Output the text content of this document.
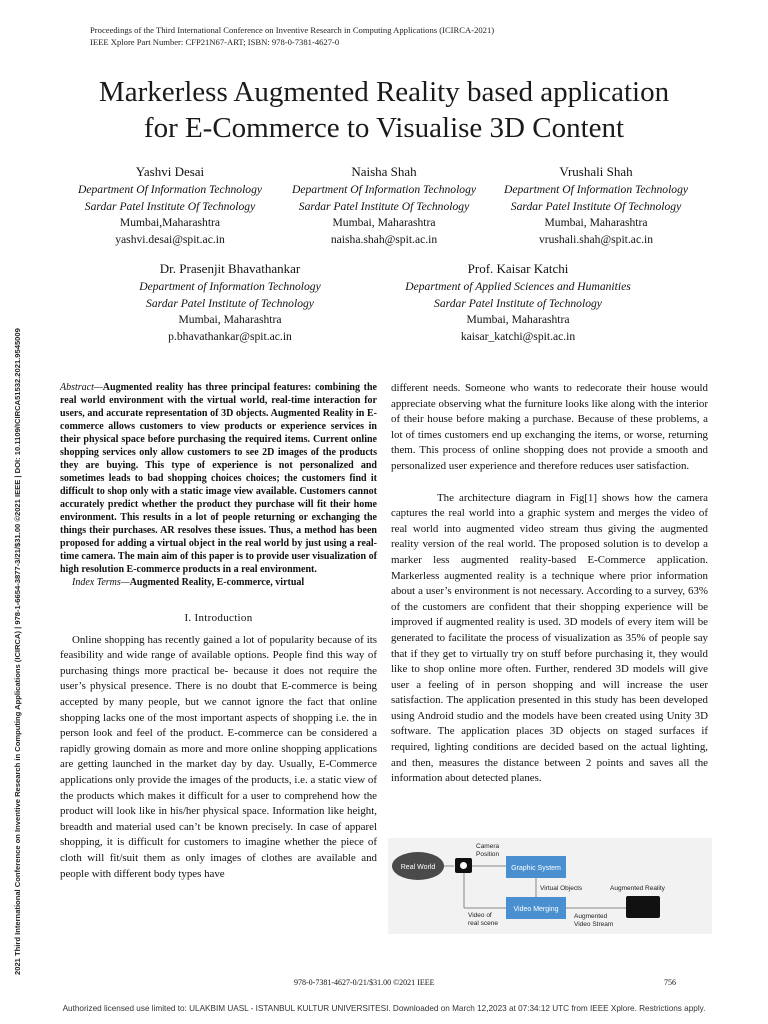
2021 Third International Conference on Inventive Research in Computing Applications (ICIRCA) | 978-1-6654-3877-3/21/$31.00 ©2021 IEEE | DOI: 10.1109/ICIRCA51532.2021.9545009
Proceedings of the Third International Conference on Inventive Research in Computing Applications (ICIRCA-2021)
IEEE Xplore Part Number: CFP21N67-ART; ISBN: 978-0-7381-4627-0
Markerless Augmented Reality based application
for E-Commerce to Visualise 3D Content
Yashvi Desai
Department Of Information Technology
Sardar Patel Institute Of Technology
Mumbai,Maharashtra
yashvi.desai@spit.ac.in
Naisha Shah
Department Of Information Technology
Sardar Patel Institute Of Technology
Mumbai, Maharashtra
naisha.shah@spit.ac.in
Vrushali Shah
Department Of Information Technology
Sardar Patel Institute Of Technology
Mumbai, Maharashtra
vrushali.shah@spit.ac.in
Dr. Prasenjit Bhavathankar
Department of Information Technology
Sardar Patel Institute of Technology
Mumbai, Maharashtra
p.bhavathankar@spit.ac.in
Prof. Kaisar Katchi
Department of Applied Sciences and Humanities
Sardar Patel Institute of Technology
Mumbai, Maharashtra
kaisar_katchi@spit.ac.in

Abstract—Augmented reality has three principal features: combining the real world environment with the virtual world, real-time interaction for users, and accurate representation of 3D objects. Augmented Reality in E-commerce allows customers to view products or experience services in their physical space before purchasing the required items. Current online shopping services only allow customers to see 2D images of the products they are buying. This type of experience is not personalized and sometimes leads to bad shopping choices choices; the customers find it difficult to shop only with a static image view available. Customers cannot accurately predict whether the product they purchase will fit their home environment. This results in a lot of people returning or exchanging the things their purchases. AR resolves these issues. Thus, a method has been proposed for adding a virtual object in the real world by just using a real-time camera. The main aim of this paper is to provide user visualization of high resolution E-commerce products in a real environment.

Index Terms—Augmented Reality, E-commerce, virtual

I. Introduction

Online shopping has recently gained a lot of popularity because of its feasibility and wide range of available options. People find this way of purchasing things more practical be- because it does not require the user’s physical presence. There is no doubt that E-commerce is being accepted by many people, but we cannot ignore the fact that online shopping lacks one of the most important aspects of shopping i.e. the in person look and feel of the product. E-commerce can be considered a rapidly growing domain as more and more online shopping applications are getting launched in the market day by day. Usually, E-Commerce applications only provide the images of the products, i.e. a static view of the products which makes it difficult for a user to comprehend how the product will look like in his/her physical space. Information like height, breadth and material used can’t be known precisely. In case of apparel shopping, it is difficult for customers to imagine whether the piece of cloth will fit/suit them as only images of clothes are available and people with different body types have

different needs. Someone who wants to redecorate their house would appreciate observing what the furniture looks like along with the interior of their house before making a purchase. Because of these problems, a lot of times customers end up exchanging the items, or worse, returning them. This process of online shopping does not provide a smooth and personalized user experience and therefore reduces user satisfaction.

The architecture diagram in Fig[1] shows how the camera captures the real world into a graphic system and merges the video of real world into augmented video stream thus giving the augmented reality version of the real world. The proposed solution is to develop a marker less augmented reality-based E-Commerce application. Markerless augmented reality is a technique where prior information about a user’s environment is not necessary. According to a survey, 63% of the customers are confident that their shopping experience will be improved if augmented reality is used. 3D models of every item will be generated to facilitate the process of visualization as 35% of people say that if they get to virtually try on stuff before purchasing it, they would like to shop online more often. Further, rendered 3D models will give user a feeling of in person shopping and will increase the user satisfaction. The application presented in this study has been developed using Android studio and the models have been created using Unity 3D software. The application places 3D objects on staged surfaces if required, lighting conditions are decided based on the actual lighting, and then, measures the distance between 2 points and saves all the information about detected planes.

Real World
Camera
Position
Graphic System
Video of
real scene
Virtual Objects
Video Merging
Augmented
Video Stream
Augmented Reality
978-0-7381-4627-0/21/$31.00 ©2021 IEEE	756
Authorized licensed use limited to: ULAKBIM UASL - ISTANBUL KULTUR UNIVERSITESI. Downloaded on March 12,2023 at 07:34:12 UTC from IEEE Xplore. Restrictions apply.
